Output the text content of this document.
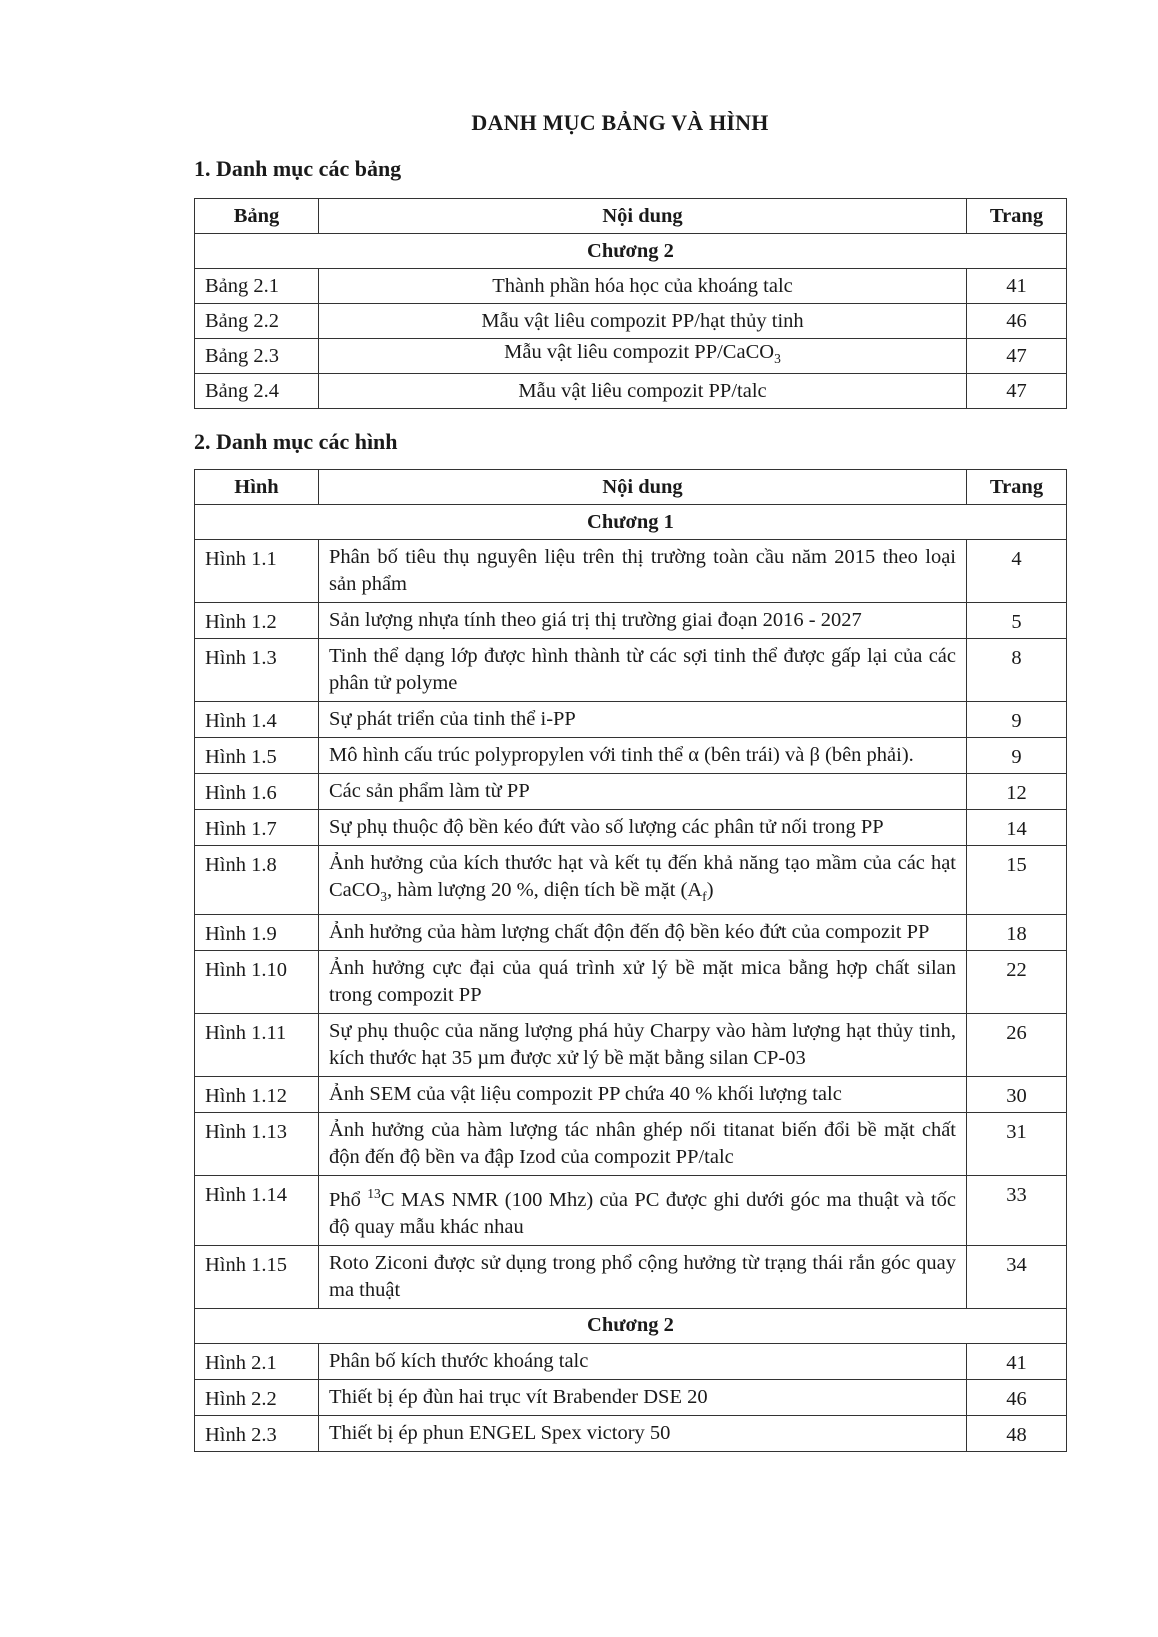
DANH MỤC BẢNG VÀ HÌNH
1. Danh mục các bảng
Bảng	Nội dung	Trang
Chương 2		
Bảng 2.1	Thành phần hóa học của khoáng talc	41
Bảng 2.2	Mẫu vật liêu compozit PP/hạt thủy tinh	46
Bảng 2.3	Mẫu vật liêu compozit PP/CaCO$_3$	47
Bảng 2.4	Mẫu vật liêu compozit PP/talc	47
2. Danh mục các hình
Hình	Nội dung	Trang
Chương 1		
Hình 1.1	Phân bố tiêu thụ nguyên liệu trên thị trường toàn cầu năm 2015 theo loại sản phẩm	4
Hình 1.2	Sản lượng nhựa tính theo giá trị thị trường giai đoạn 2016 - 2027	5
Hình 1.3	Tinh thể dạng lớp được hình thành từ các sợi tinh thể được gấp lại của các phân tử polyme	8
Hình 1.4	Sự phát triển của tinh thể i-PP	9
Hình 1.5	Mô hình cấu trúc polypropylen với tinh thể α (bên trái) và β (bên phải).	9
Hình 1.6	Các sản phẩm làm từ PP	12
Hình 1.7	Sự phụ thuộc độ bền kéo đứt vào số lượng các phân tử nối trong PP	14
Hình 1.8	Ảnh hưởng của kích thước hạt và kết tụ đến khả năng tạo mầm của các hạt CaCO$_3$, hàm lượng 20 %, diện tích bề mặt $(A_f)$	15
Hình 1.9	Ảnh hưởng của hàm lượng chất độn đến độ bền kéo đứt của compozit PP	18
Hình 1.10	Ảnh hưởng cực đại của quá trình xử lý bề mặt mica bằng hợp chất silan trong compozit PP	22
Hình 1.11	Sự phụ thuộc của năng lượng phá hủy Charpy vào hàm lượng hạt thủy tinh, kích thước hạt 35 µm được xử lý bề mặt bằng silan CP-03	26
Hình 1.12	Ảnh SEM của vật liệu compozit PP chứa 40 % khối lượng talc	30
Hình 1.13	Ảnh hưởng của hàm lượng tác nhân ghép nối titanat biến đổi bề mặt chất độn đến độ bền va đập Izod của compozit PP/talc	31
Hình 1.14	Phổ $^{13}$C MAS NMR (100 Mhz) của PC được ghi dưới góc ma thuật và tốc độ quay mẫu khác nhau	33
Hình 1.15	Roto Ziconi được sử dụng trong phổ cộng hưởng từ trạng thái rắn góc quay ma thuật	34
Chương 2		
Hình 2.1	Phân bố kích thước khoáng talc	41
Hình 2.2	Thiết bị ép đùn hai trục vít Brabender DSE 20	46
Hình 2.3	Thiết bị ép phun ENGEL Spex victory 50	48
